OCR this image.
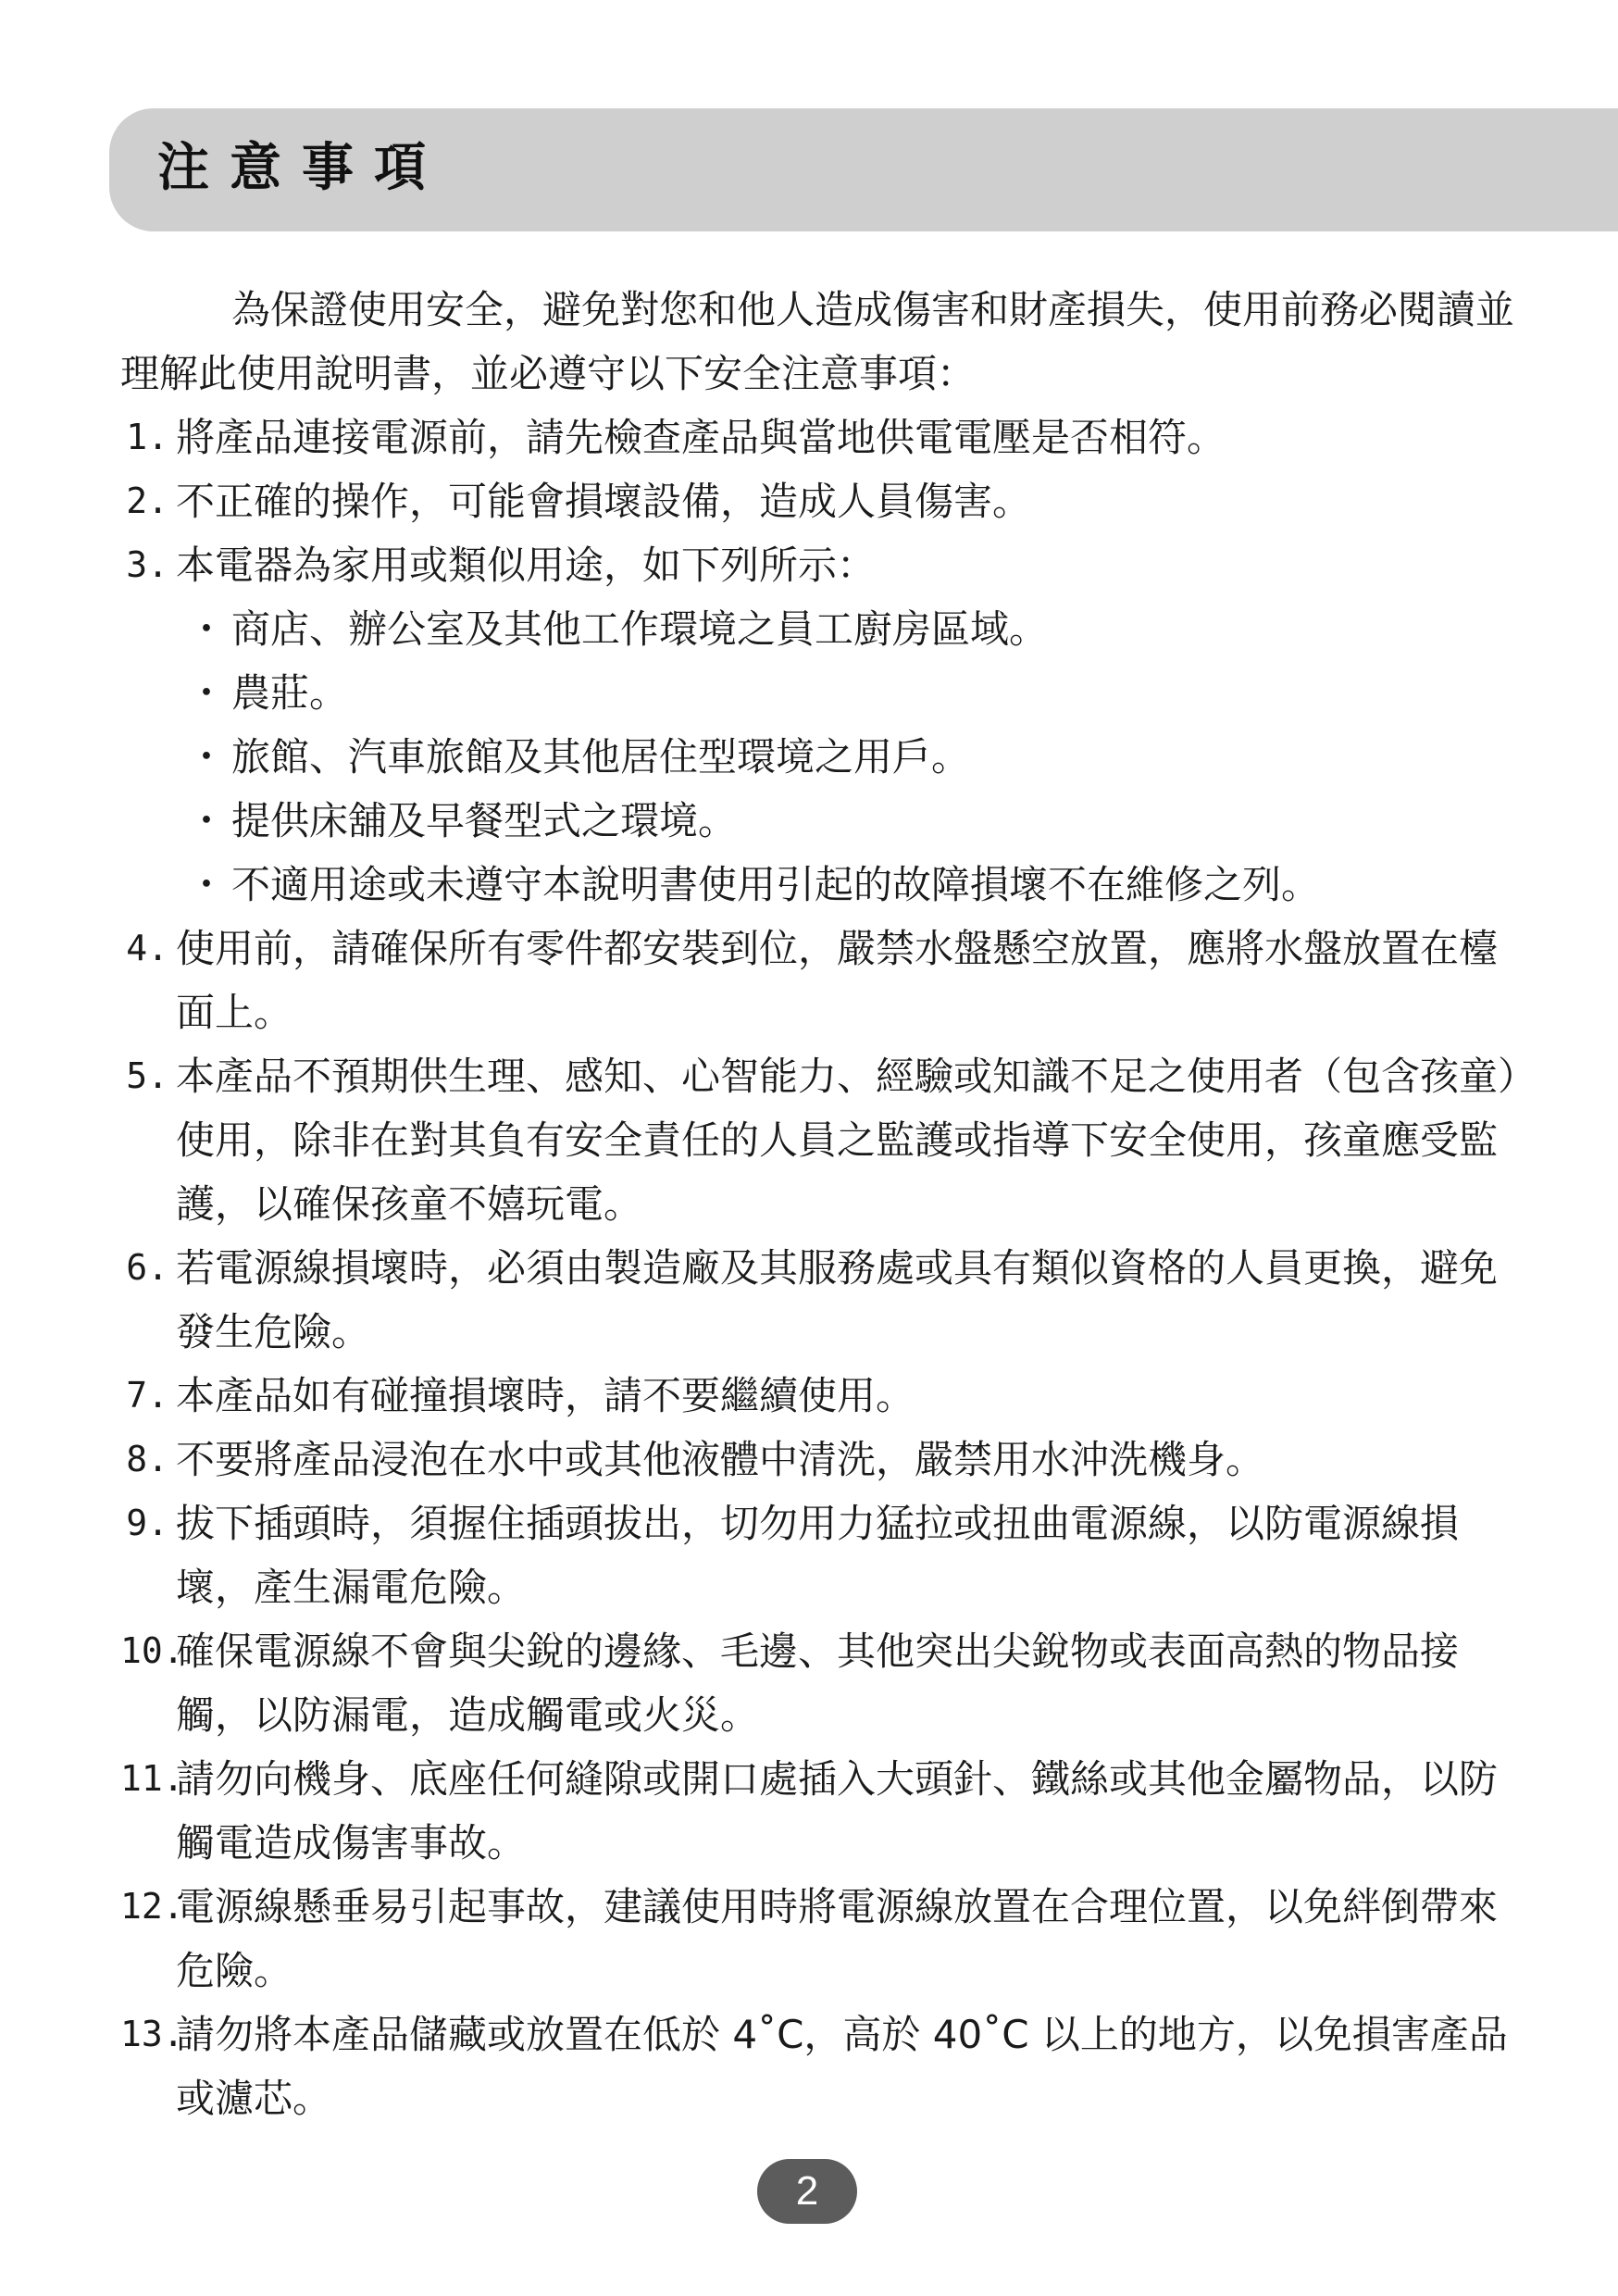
注意事項

為保證使用安全，避免對您和他人造成傷害和財產損失，使用前務必閱讀並理解此使用說明書，並必遵守以下安全注意事項：

1. 將產品連接電源前，請先檢查產品與當地供電電壓是否相符。
2. 不正確的操作，可能會損壞設備，造成人員傷害。
3. 本電器為家用或類似用途，如下列所示：
・ 商店、辦公室及其他工作環境之員工廚房區域。
・ 農莊。
・ 旅館、汽車旅館及其他居住型環境之用戶。
・ 提供床舖及早餐型式之環境。
・ 不適用途或未遵守本說明書使用引起的故障損壞不在維修之列。
4. 使用前，請確保所有零件都安裝到位，嚴禁水盤懸空放置，應將水盤放置在檯面上。
5. 本產品不預期供生理、感知、心智能力、經驗或知識不足之使用者（包含孩童）使用，除非在對其負有安全責任的人員之監護或指導下安全使用，孩童應受監護，以確保孩童不嬉玩電。
6. 若電源線損壞時，必須由製造廠及其服務處或具有類似資格的人員更換，避免發生危險。
7. 本產品如有碰撞損壞時，請不要繼續使用。
8. 不要將產品浸泡在水中或其他液體中清洗，嚴禁用水沖洗機身。
9. 拔下插頭時，須握住插頭拔出，切勿用力猛拉或扭曲電源線，以防電源線損壞，產生漏電危險。
10.
確保電源線不會與尖銳的邊緣、毛邊、其他突出尖銳物或表面高熱的物品接觸，以防漏電，造成觸電或火災。
11.
請勿向機身、底座任何縫隙或開口處插入大頭針、鐵絲或其他金屬物品，以防觸電造成傷害事故。
12.
電源線懸垂易引起事故，建議使用時將電源線放置在合理位置，以免絆倒帶來危險。
13.
請勿將本產品儲藏或放置在低於 4˚C，高於 40˚C 以上的地方，以免損害產品或濾芯。
2
